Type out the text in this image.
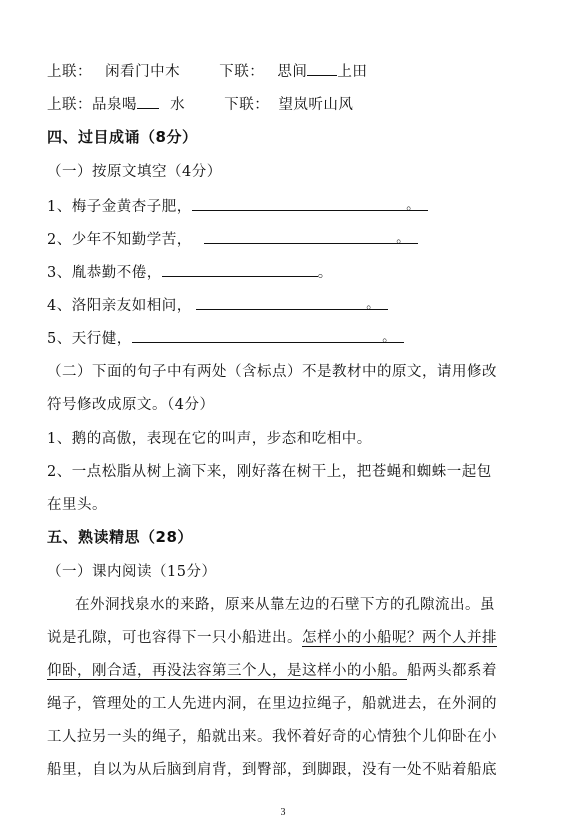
上联： 闲看门中木	下联： 思间 上田
上联：品泉喝 水	下联： 望岚听山风
四、过目成诵（8分）
（一）按原文填空（4分）
1、梅子金黄杏子肥，	。
2、少年不知勤学苦，	。
3、胤恭勤不倦，	。
4、洛阳亲友如相问，	。
5、天行健，	。
（二）下面的句子中有两处（含标点）不是教材中的原文，请用修改
符号修改成原文。（4分）
1、鹅的高傲，表现在它的叫声，步态和吃相中。
2、一点松脂从树上滴下来，刚好落在树干上，把苍蝇和蜘蛛一起包
在里头。
五、熟读精思（28）
（一）课内阅读（15分）
在外洞找泉水的来路，原来从靠左边的石壁下方的孔隙流出。虽
说是孔隙，可也容得下一只小船进出。怎样小的小船呢？两个人并排
仰卧，刚合适，再没法容第三个人，是这样小的小船。船两头都系着
绳子，管理处的工人先进内洞，在里边拉绳子，船就进去，在外洞的
工人拉另一头的绳子，船就出来。我怀着好奇的心情独个儿仰卧在小
船里，自以为从后脑到肩背，到臀部，到脚跟，没有一处不贴着船底
3
